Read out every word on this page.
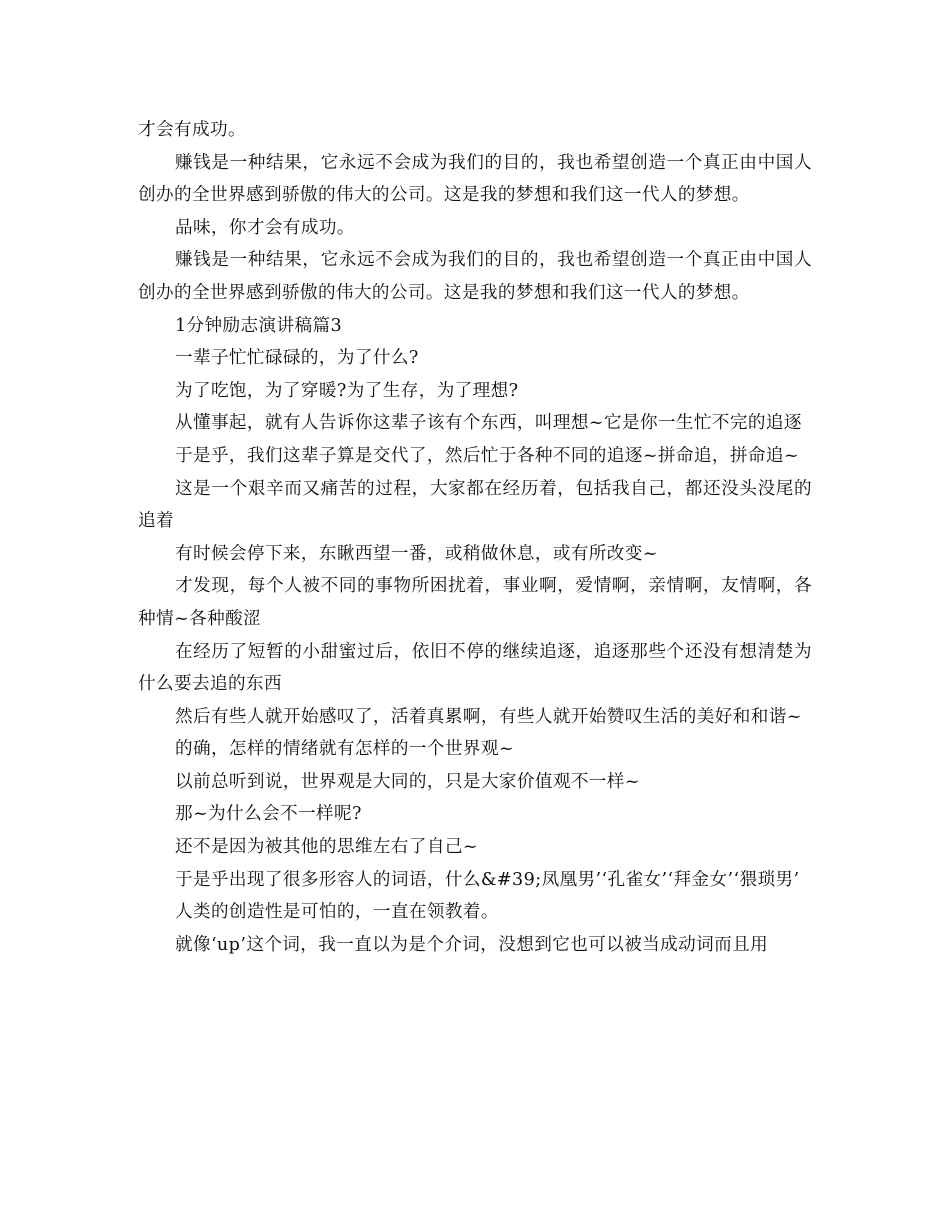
才会有成功。

赚钱是一种结果，它永远不会成为我们的目的，我也希望创造一个真正由中国人创办的全世界感到骄傲的伟大的公司。这是我的梦想和我们这一代人的梦想。

品味，你才会有成功。

赚钱是一种结果，它永远不会成为我们的目的，我也希望创造一个真正由中国人创办的全世界感到骄傲的伟大的公司。这是我的梦想和我们这一代人的梦想。

1分钟励志演讲稿篇3

一辈子忙忙碌碌的，为了什么?

为了吃饱，为了穿暖?为了生存，为了理想?

从懂事起，就有人告诉你这辈子该有个东西，叫理想~它是你一生忙不完的追逐

于是乎，我们这辈子算是交代了，然后忙于各种不同的追逐~拼命追，拼命追~

这是一个艰辛而又痛苦的过程，大家都在经历着，包括我自己，都还没头没尾的追着

有时候会停下来，东瞅西望一番，或稍做休息，或有所改变~

才发现，每个人被不同的事物所困扰着，事业啊，爱情啊，亲情啊，友情啊，各种情~各种酸涩

在经历了短暂的小甜蜜过后，依旧不停的继续追逐，追逐那些个还没有想清楚为什么要去追的东西

然后有些人就开始感叹了，活着真累啊，有些人就开始赞叹生活的美好和和谐~

的确，怎样的情绪就有怎样的一个世界观~

以前总听到说，世界观是大同的，只是大家价值观不一样~

那~为什么会不一样呢?

还不是因为被其他的思维左右了自己~

于是乎出现了很多形容人的词语，什么&#39;凤凰男’‘孔雀女’‘拜金女’‘猥琐男’

人类的创造性是可怕的，一直在领教着。

就像‘up’这个词，我一直以为是个介词，没想到它也可以被当成动词而且用
